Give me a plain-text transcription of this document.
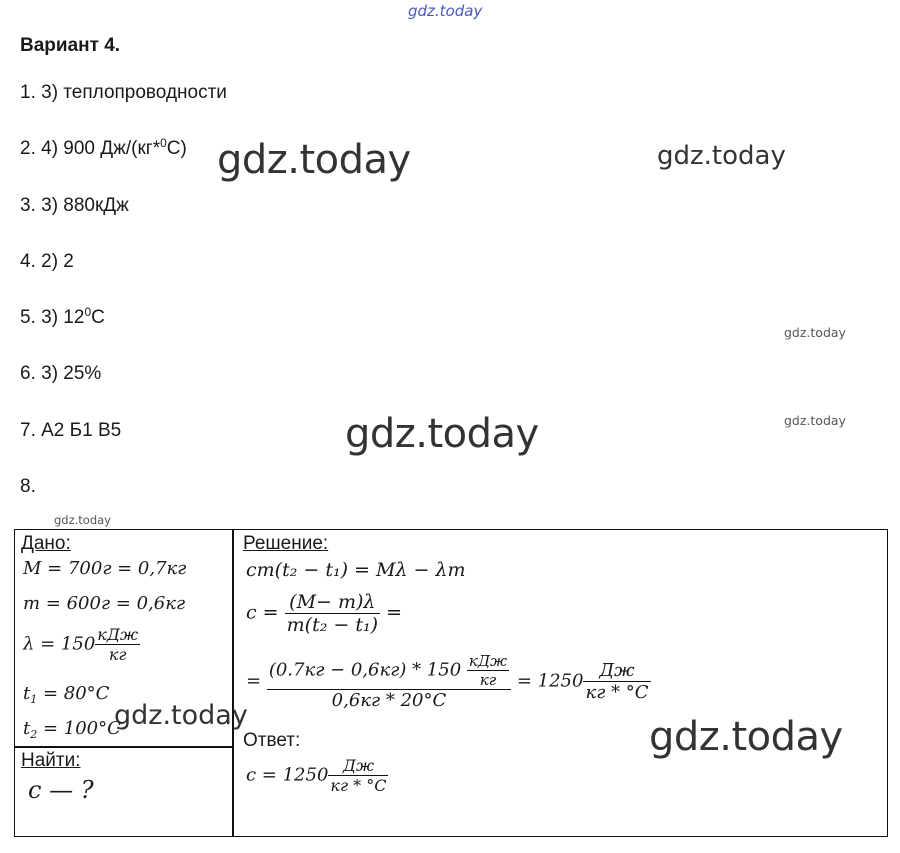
gdz.today
gdz.today	gdz.today
gdz.today
gdz.today	gdz.today
gdz.today
Вариант 4.
1. 3) теплопроводности
2. 4) 900 Дж/(кг*$^0$С)
3. 3) 880кДж
4. 2) 2
5. 3) $12^0С$
6. 3) 25%
7. А2 Б1 В5
8.
Дано:
M = 700г = 0,7кг
m = 600г = 0,6кг
$\lambda = 150 \frac{\text{кДж}}{кг}$
$t_1 = 80^\circ C$
$t_2 = 100^\circ C$
gdz.today
Найти:
c — ?
Решение:
cm(t₂ − t₁) = Mλ − λm
$c = \frac{(M- m)\lambda}{\text{m(t₂ − t₁)}}$ =
= $\frac{(0.7кг - 0,6кг) * 150 \frac{\text{кДж}}{кг}}{0,6кг * 20^\circ C} = 1250 \frac{Дж}{кг * ^\circ C}$
Ответ:
$c = 1250 \frac{Дж}{кг * ^\circ C}$
gdz.today
